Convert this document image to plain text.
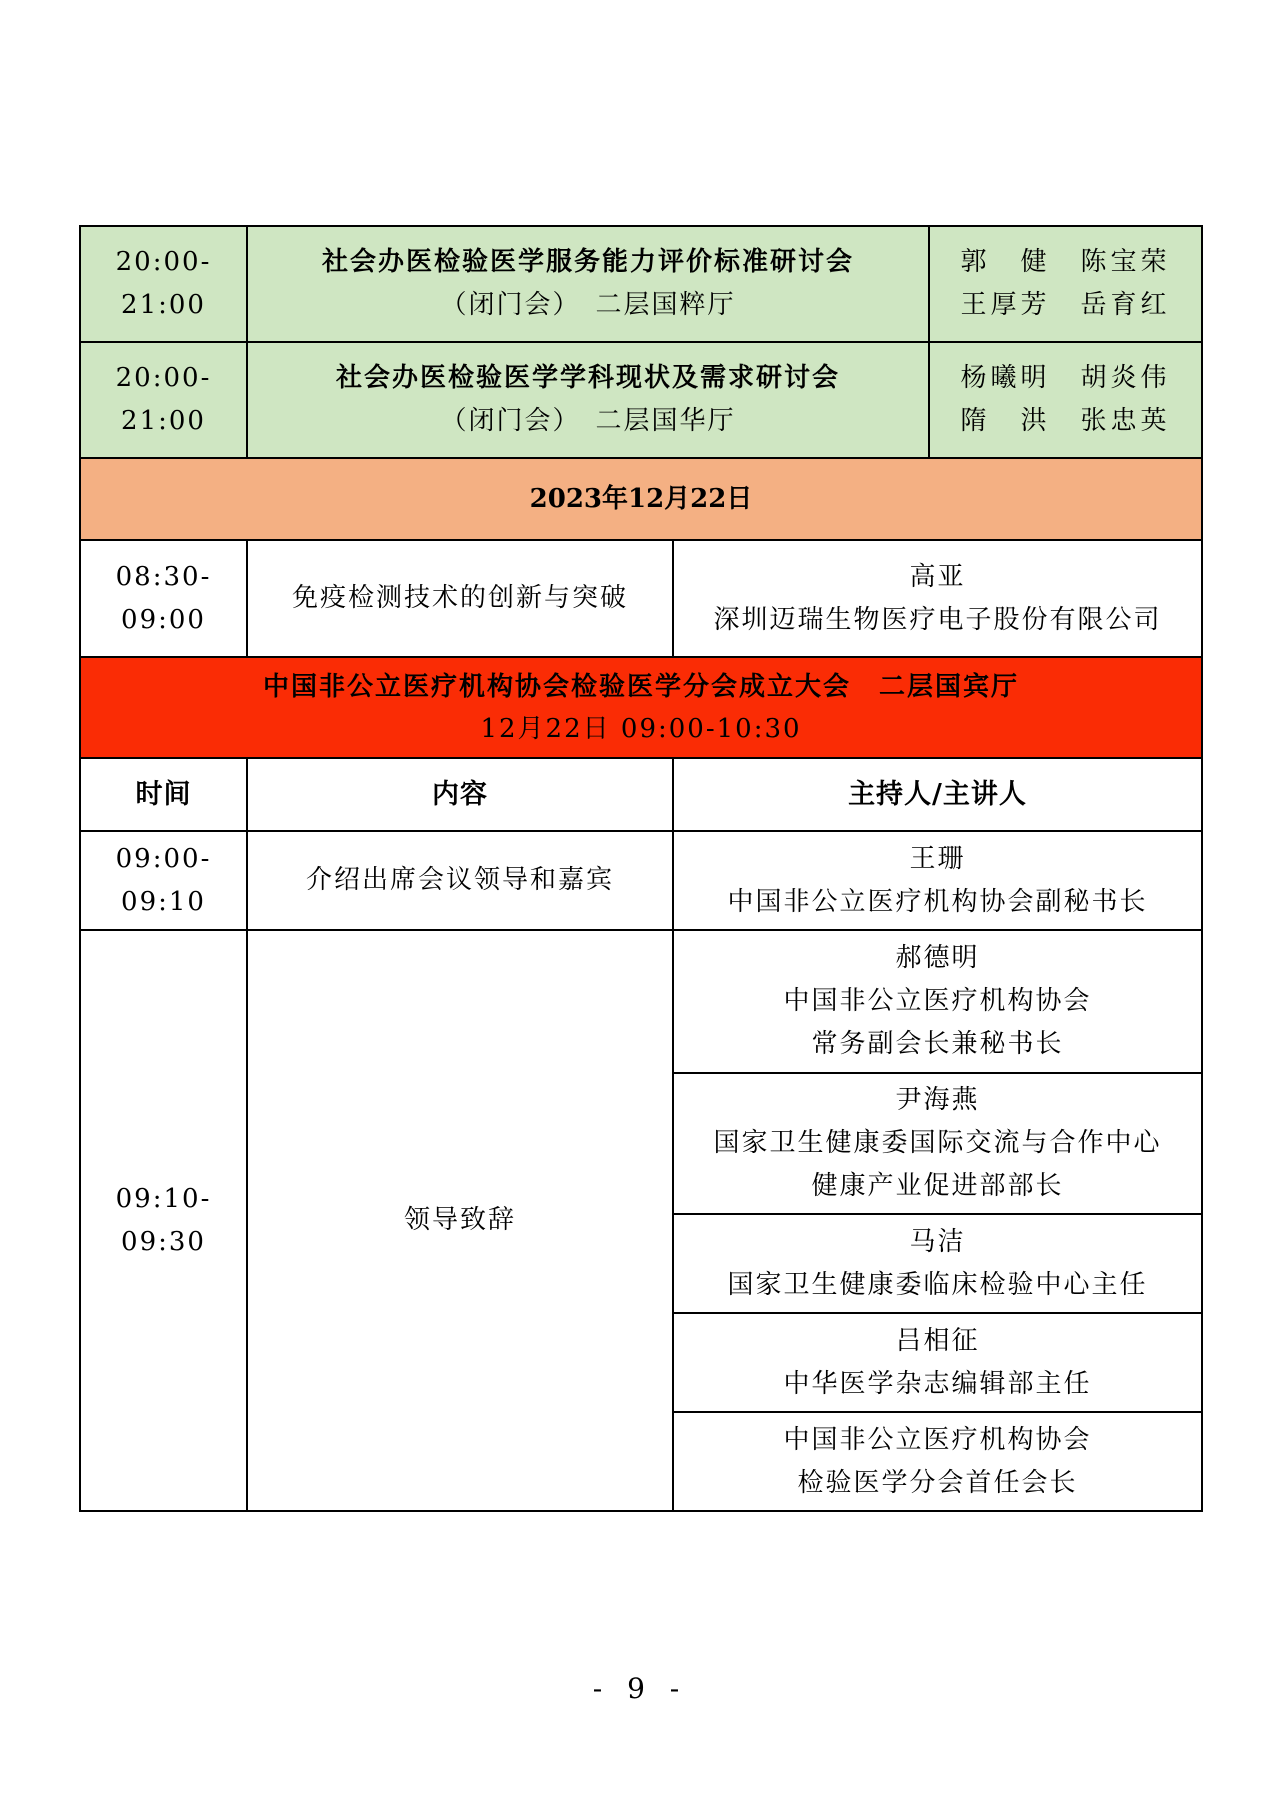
20:00-21:00	社会办医检验医学服务能力评价标准研讨会
（闭门会）　二层国粹厅		郭　健　陈宝荣
王厚芳　岳育红

20:00-21:00	社会办医检验医学学科现状及需求研讨会
（闭门会）　二层国华厅		杨曦明　胡炎伟
隋　洪　张忠英

2023年12月22日			
08:30-09:00	免疫检测技术的创新与突破	高亚
深圳迈瑞生物医疗电子股份有限公司	

中国非公立医疗机构协会检验医学分会成立大会　二层国宾厅
12月22日 09:00-10:30			

时间	内容	主持人/主讲人	
09:00-09:10	介绍出席会议领导和嘉宾	王珊
中国非公立医疗机构协会副秘书长	

09:10-09:30	领导致辞	郝德明
中国非公立医疗机构协会
常务副会长兼秘书长	

		尹海燕
国家卫生健康委国际交流与合作中心
健康产业促进部部长	

		马洁
国家卫生健康委临床检验中心主任	

		吕相征
中华医学杂志编辑部主任	

		中国非公立医疗机构协会
检验医学分会首任会长	
- 9 -
